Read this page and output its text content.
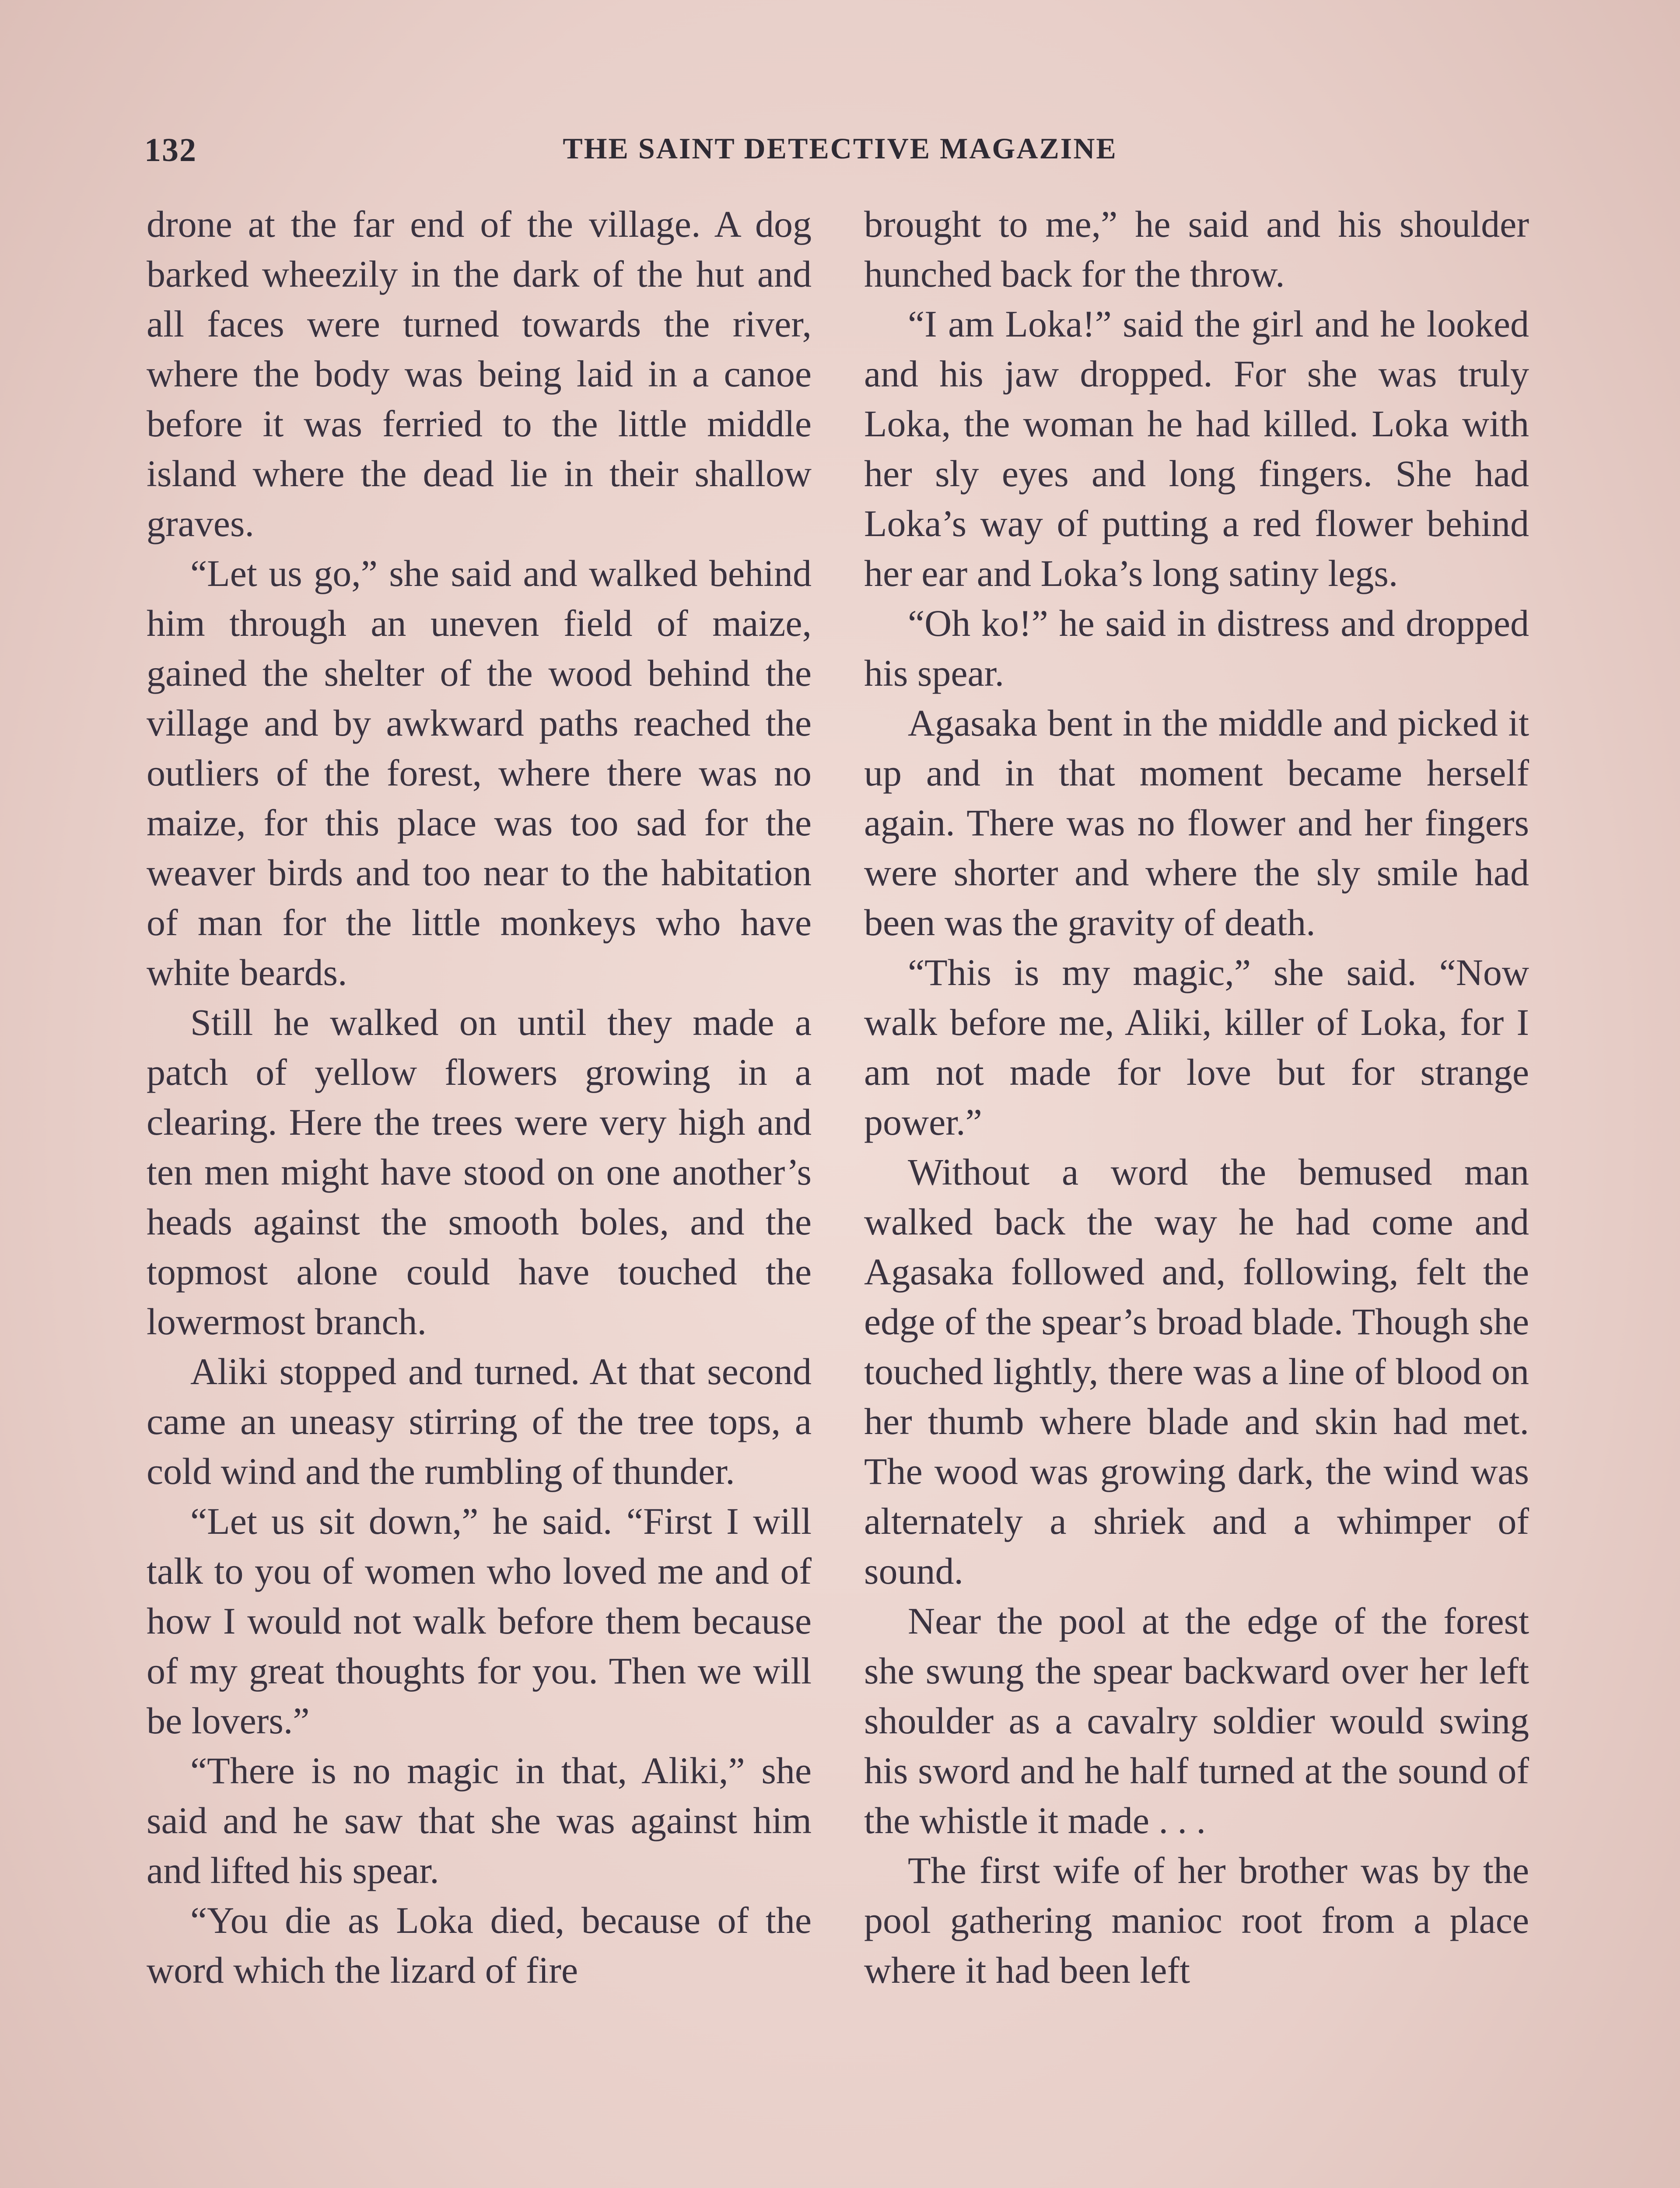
132	THE SAINT DETECTIVE MAGAZINE

drone at the far end of the village. A dog barked wheezily in the dark of the hut and all faces were turned towards the river, where the body was being laid in a canoe before it was ferried to the little middle island where the dead lie in their shallow graves.

“Let us go,” she said and walked behind him through an uneven field of maize, gained the shelter of the wood behind the village and by awkward paths reached the outliers of the forest, where there was no maize, for this place was too sad for the weaver birds and too near to the habitation of man for the little monkeys who have white beards.

Still he walked on until they made a patch of yellow flowers growing in a clearing. Here the trees were very high and ten men might have stood on one another’s heads against the smooth boles, and the topmost alone could have touched the lowermost branch.

Aliki stopped and turned. At that second came an uneasy stirring of the tree tops, a cold wind and the rumbling of thunder.

“Let us sit down,” he said. “First I will talk to you of women who loved me and of how I would not walk before them because of my great thoughts for you. Then we will be lovers.”

“There is no magic in that, Aliki,” she said and he saw that she was against him and lifted his spear.

“You die as Loka died, because of the word which the lizard of fire

brought to me,” he said and his shoulder hunched back for the throw.

“I am Loka!” said the girl and he looked and his jaw dropped. For she was truly Loka, the woman he had killed. Loka with her sly eyes and long fingers. She had Loka’s way of putting a red flower behind her ear and Loka’s long satiny legs.

“Oh ko!” he said in distress and dropped his spear.

Agasaka bent in the middle and picked it up and in that moment became herself again. There was no flower and her fingers were shorter and where the sly smile had been was the gravity of death.

“This is my magic,” she said. “Now walk before me, Aliki, killer of Loka, for I am not made for love but for strange power.”

Without a word the bemused man walked back the way he had come and Agasaka followed and, following, felt the edge of the spear’s broad blade. Though she touched lightly, there was a line of blood on her thumb where blade and skin had met. The wood was growing dark, the wind was alternately a shriek and a whimper of sound.

Near the pool at the edge of the forest she swung the spear backward over her left shoulder as a cavalry soldier would swing his sword and he half turned at the sound of the whistle it made . . .

The first wife of her brother was by the pool gathering manioc root from a place where it had been left
